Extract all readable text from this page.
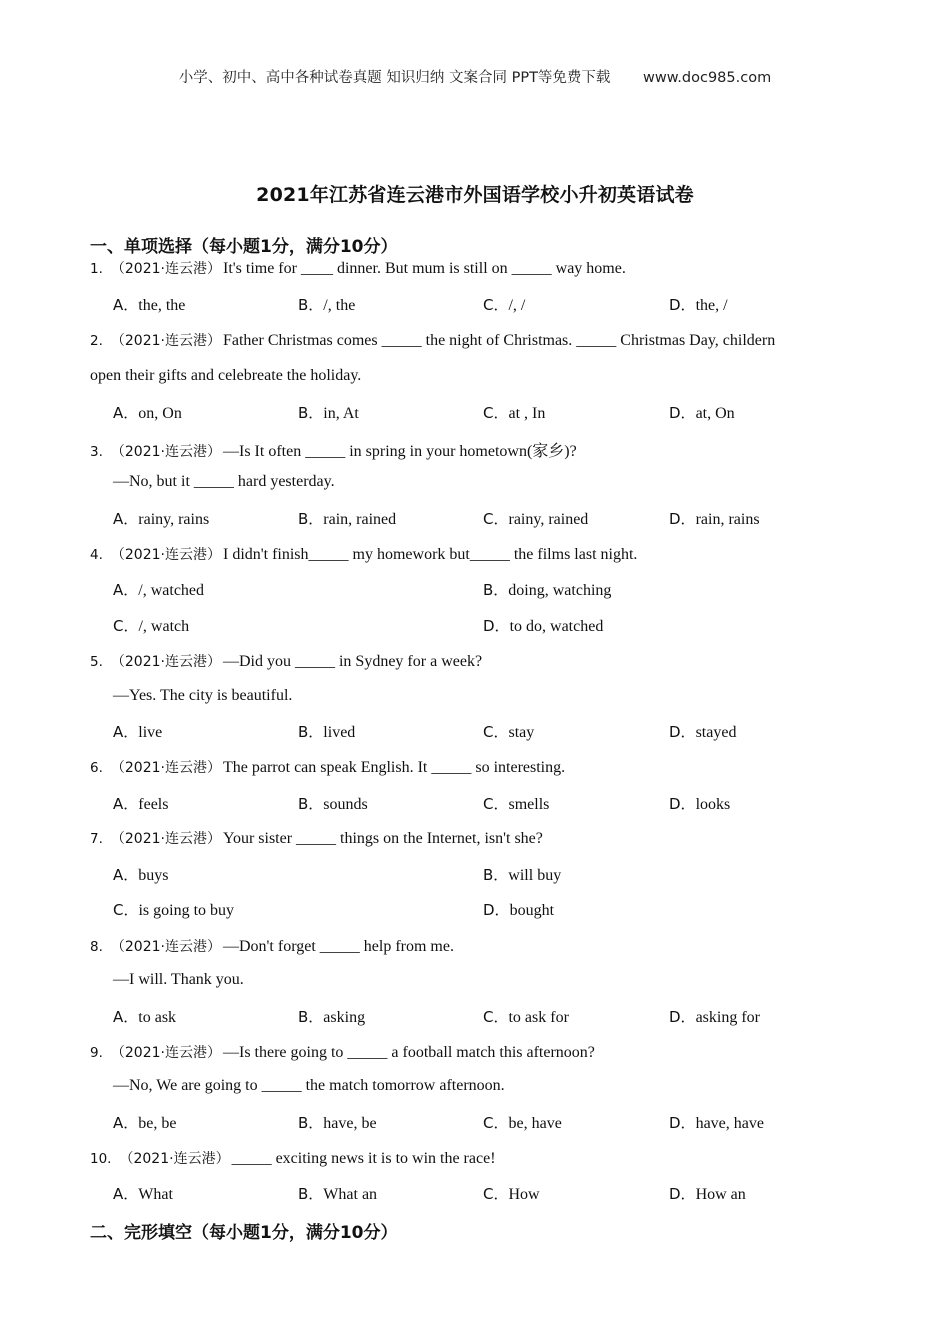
小学、初中、高中各种试卷真题 知识归纳 文案合同 PPT等免费下载 www.doc985.com
2021年江苏省连云港市外国语学校小升初英语试卷
一、单项选择（每小题1分，满分10分）
1. （2021·连云港） It's time for ____ dinner. But mum is still on _____ way home.
A．the, the	B．/, the	C．/, /	D．the, /
2. （2021·连云港） Father Christmas comes _____ the night of Christmas. _____ Christmas Day, childern
open their gifts and celebreate the holiday.
A．on, On	B．in, At	C．at , In	D．at, On
3. （2021·连云港） —Is It often _____ in spring in your hometown(家乡)?
—No, but it _____ hard yesterday.
A．rainy, rains	B．rain, rained	C．rainy, rained	D．rain, rains
4. （2021·连云港） I didn't finish_____ my homework but_____ the films last night.
A．/, watched	B．doing, watching
C．/, watch	D．to do, watched
5. （2021·连云港） —Did you _____ in Sydney for a week?
—Yes. The city is beautiful.
A．live	B．lived	C．stay	D．stayed
6. （2021·连云港） The parrot can speak English. It _____ so interesting.
A．feels	B．sounds	C．smells	D．looks
7. （2021·连云港） Your sister _____ things on the Internet, isn't she?
A．buys	B．will buy
C．is going to buy	D．bought
8. （2021·连云港） —Don't forget _____ help from me.
—I will. Thank you.
A．to ask	B．asking	C．to ask for	D．asking for
9. （2021·连云港） —Is there going to _____ a football match this afternoon?
—No, We are going to _____ the match tomorrow afternoon.
A．be, be	B．have, be	C．be, have	D．have, have
10. （2021·连云港） _____ exciting news it is to win the race!
A．What	B．What an	C．How	D．How an
二、完形填空（每小题1分，满分10分）
